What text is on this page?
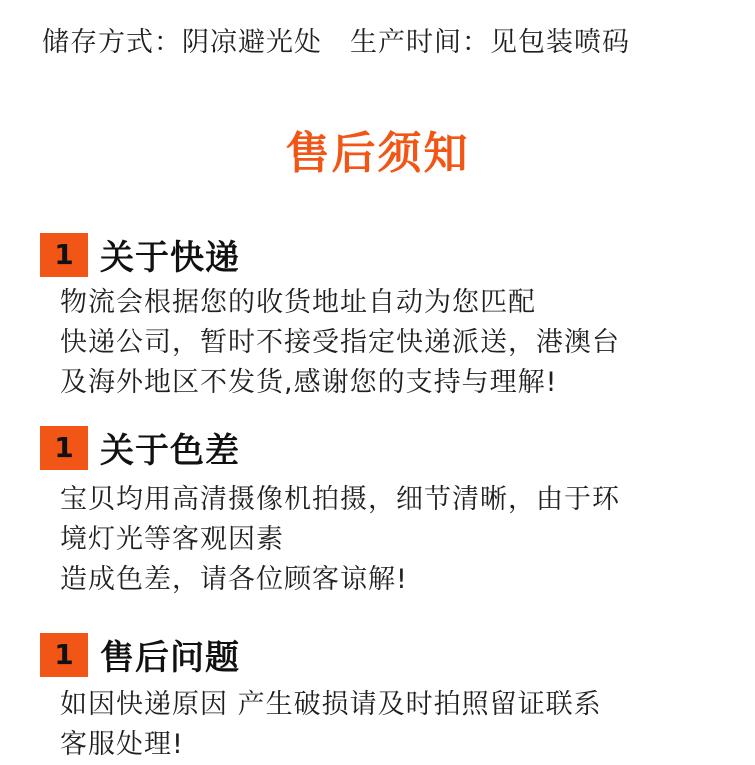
储存方式：阴凉避光处 生产时间：见包装喷码
售后须知
1 关于快递
物流会根据您的收货地址自动为您匹配
快递公司，暂时不接受指定快递派送，港澳台
及海外地区不发货,感谢您的支持与理解!
1 关于色差
宝贝均用高清摄像机拍摄，细节清晰，由于环
境灯光等客观因素
造成色差，请各位顾客谅解!
1 售后问题
如因快递原因 产生破损请及时拍照留证联系
客服处理!
